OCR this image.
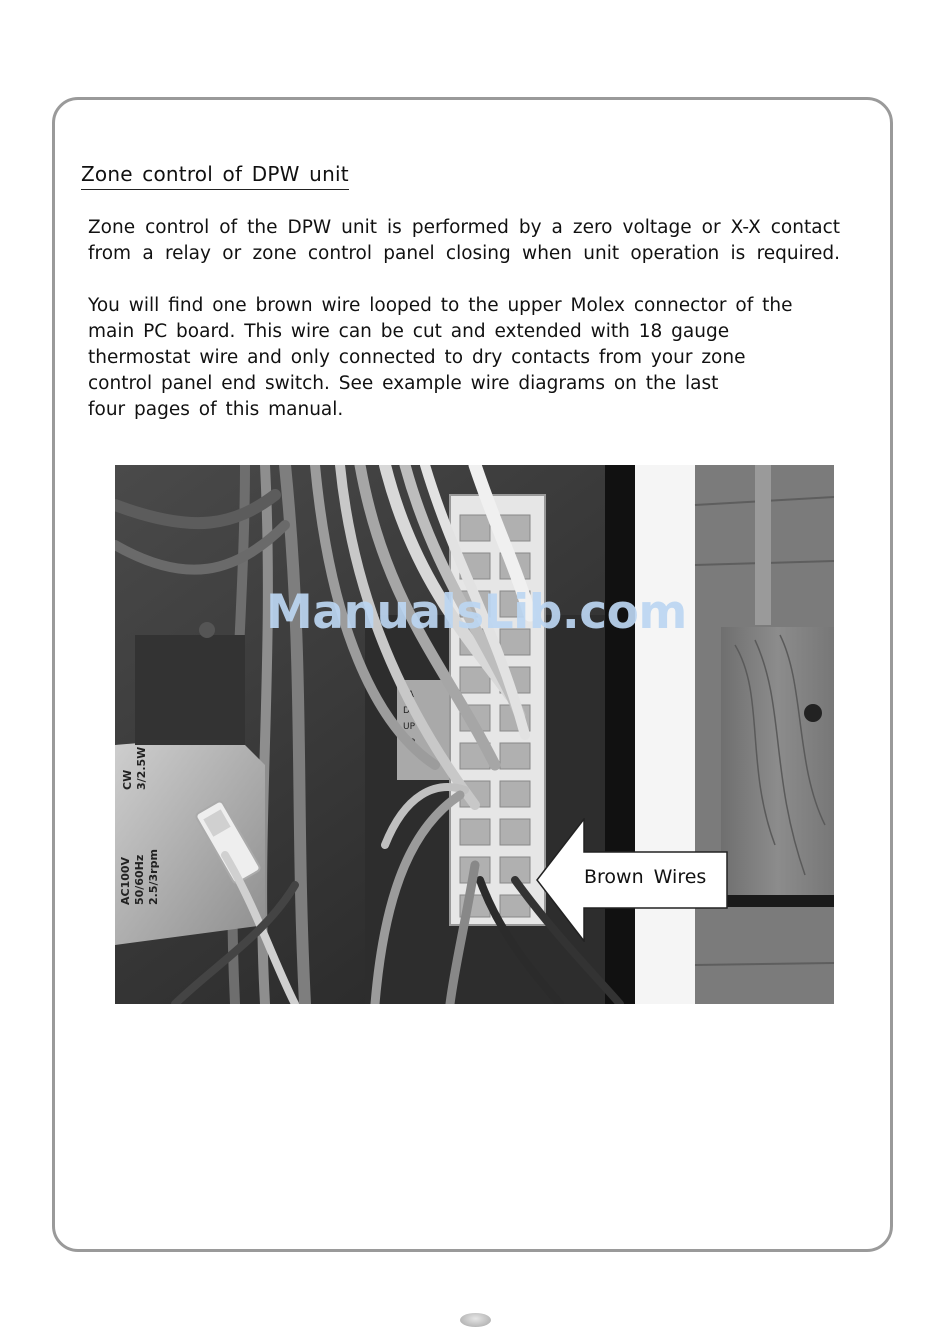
Zone control of DPW unit

Zone control of the DPW unit is performed by a zero voltage or X-X contact
from a relay or zone control panel closing when unit operation is required.

You will find one brown wire looped to the upper Molex connector of the
main PC board. This wire can be cut and extended with 18 gauge
thermostat wire and only connected to dry contacts from your zone
control panel end switch. See example wire diagrams on the last
four pages of this manual.

TA
DA
UP
UP
AC100V 50/60Hz 2.5/3rpm
CW 3/2.5W
ManualsLib.com
Brown Wires
